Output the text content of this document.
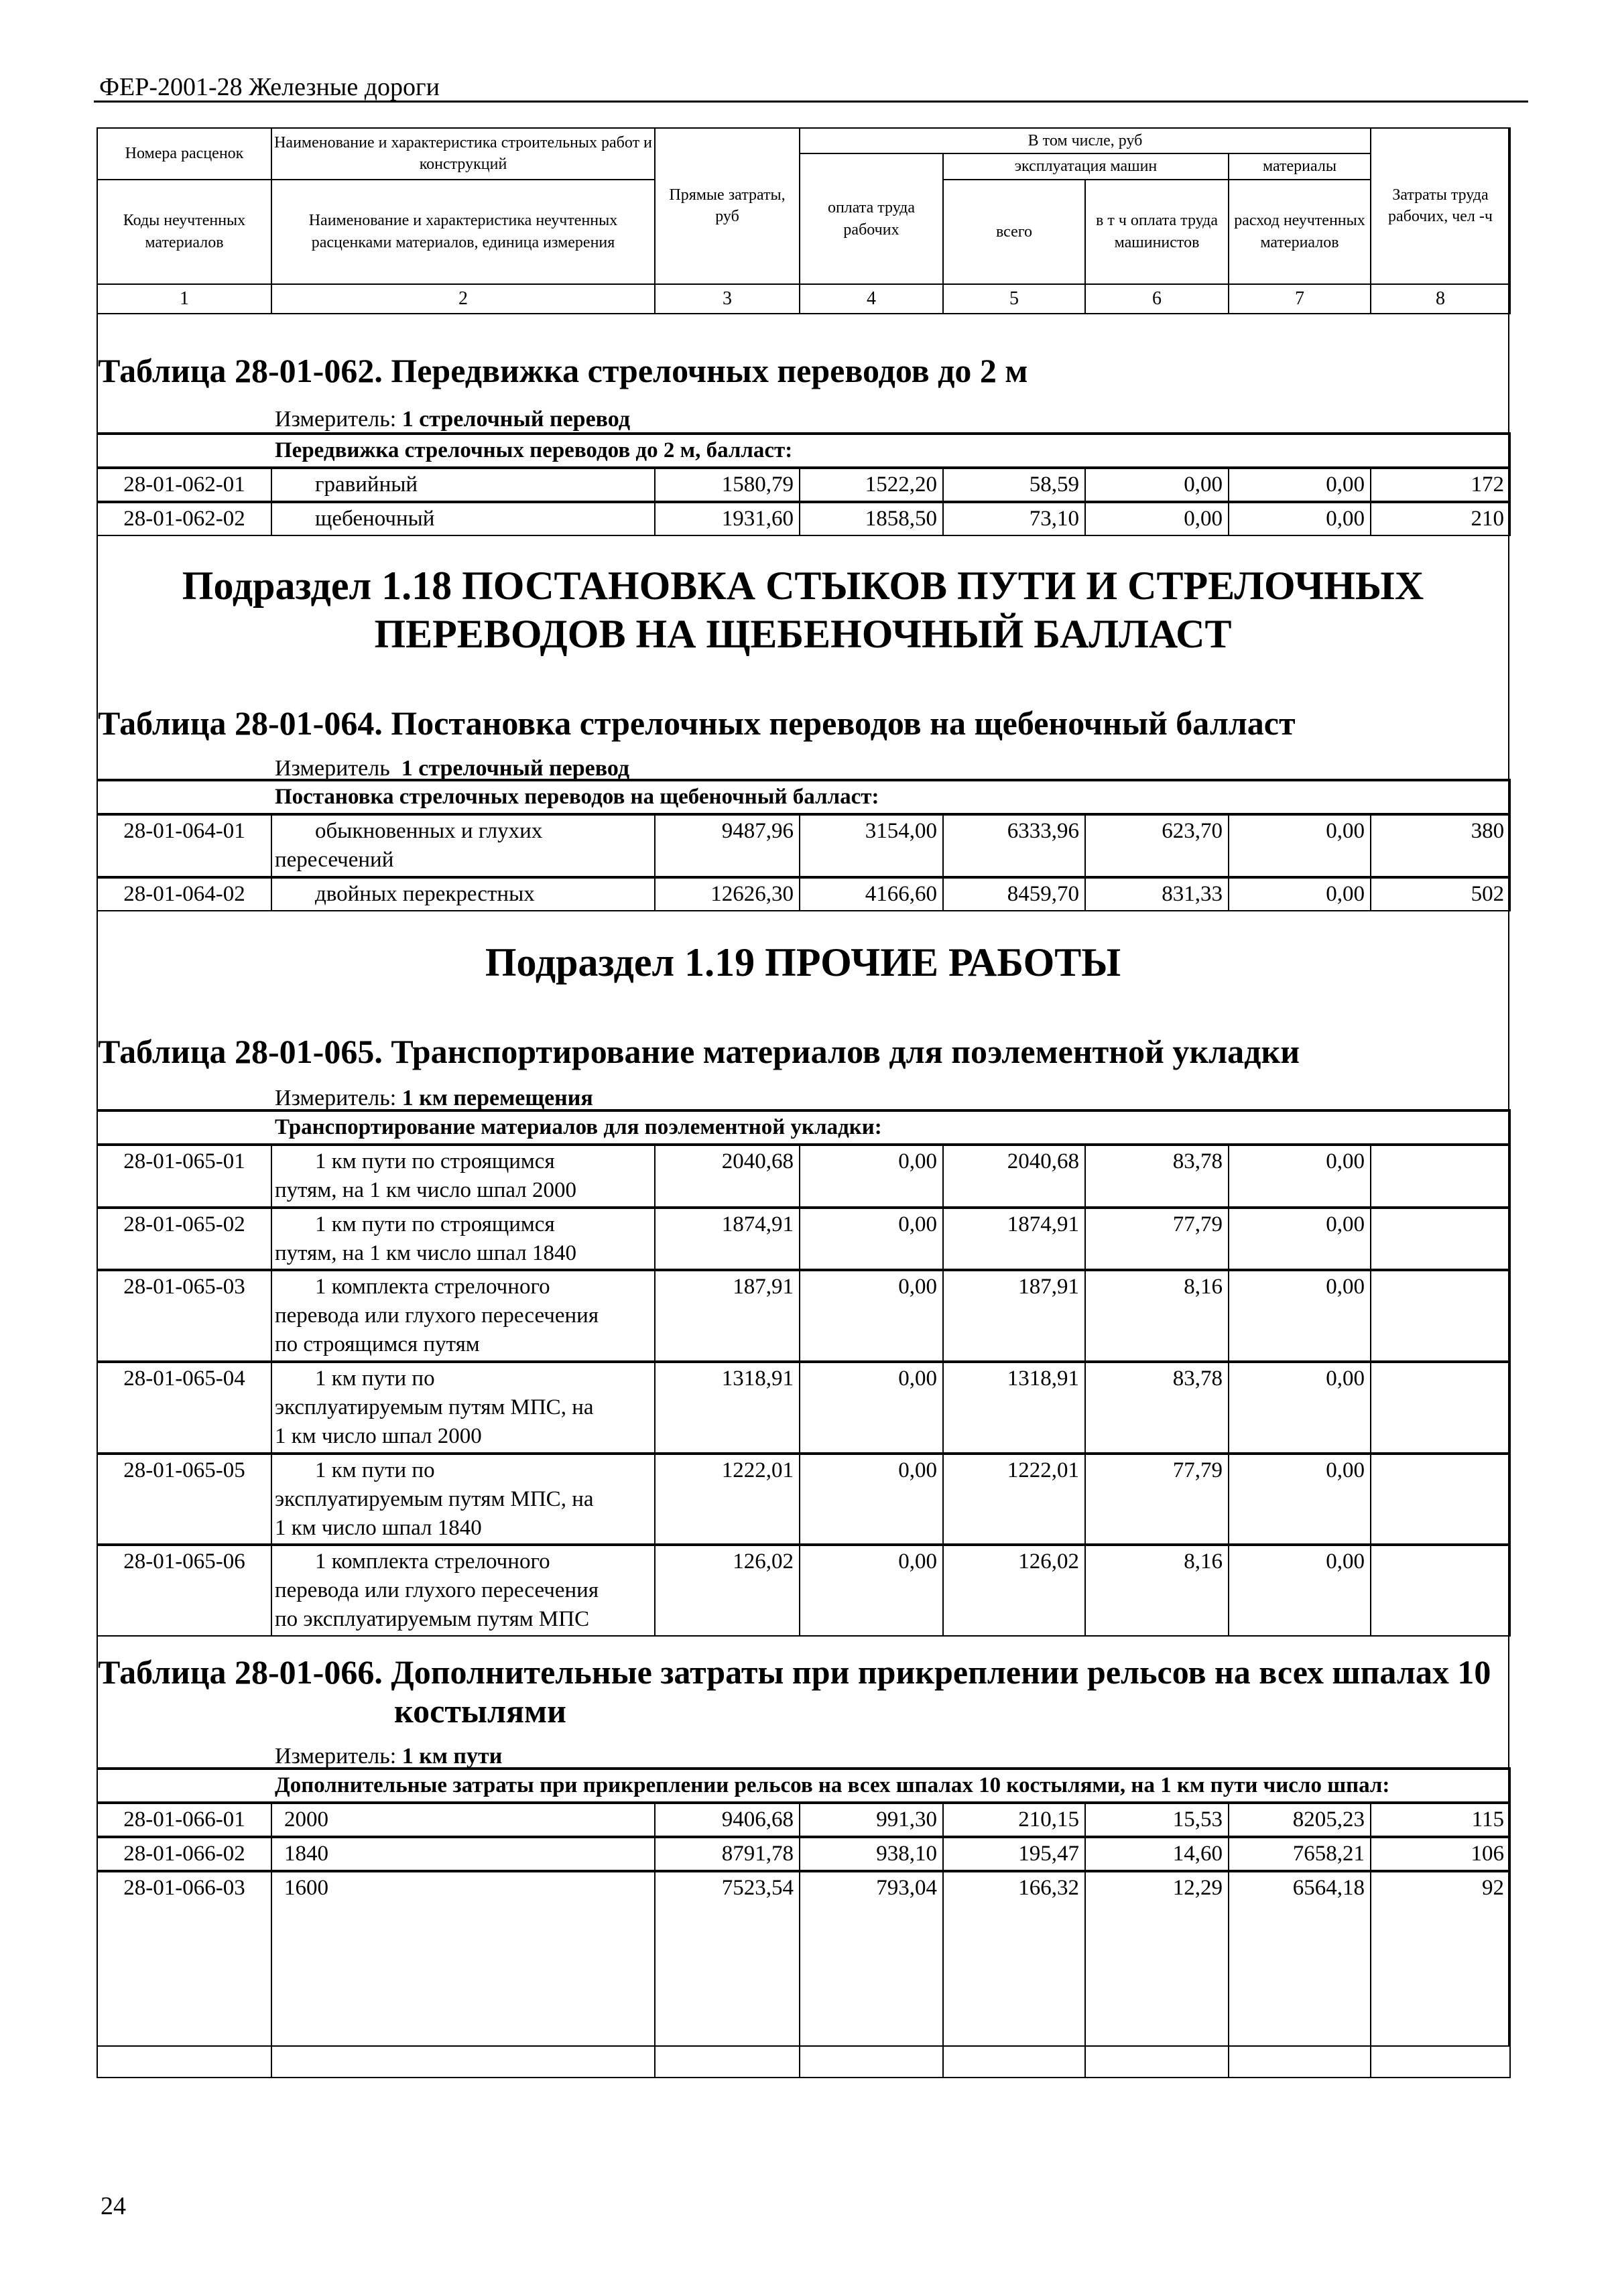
ФЕР-2001-28 Железные дороги
Номера расценок	Наименование и характеристика строительных работ и конструкций	Прямые затраты, руб	В том числе, руб				Затраты труда рабочих, чел -ч
			оплата труда рабочих	эксплуатация машин		материалы	
Коды неучтенных материалов	Наименование и характеристика неучтенных расценками материалов, единица измерения			всего	в т ч оплата труда машинистов	расход неучтенных материалов	

1	2	3	4	5	6	7	8
Таблица 28-01-062. Передвижка стрелочных переводов до 2 м
Измеритель: 1 стрелочный перевод
Передвижка стрелочных переводов до 2 м, балласт:							
28-01-062-01	гравийный	1580,79	1522,20	58,59	0,00	0,00	172
28-01-062-02	щебеночный	1931,60	1858,50	73,10	0,00	0,00	210
Подраздел 1.18 ПОСТАНОВКА СТЫКОВ ПУТИ И СТРЕЛОЧНЫХ
ПЕРЕВОДОВ НА ЩЕБЕНОЧНЫЙ БАЛЛАСТ
Таблица 28-01-064. Постановка стрелочных переводов на щебеночный балласт
Измеритель 1 стрелочный перевод
Постановка стрелочных переводов на щебеночный балласт:							
28-01-064-01	обыкновенных и глухих
пересечений	9487,96	3154,00	6333,96	623,70	0,00	380
28-01-064-02	двойных перекрестных	12626,30	4166,60	8459,70	831,33	0,00	502
Подраздел 1.19 ПРОЧИЕ РАБОТЫ
Таблица 28-01-065. Транспортирование материалов для поэлементной укладки
Измеритель: 1 км перемещения
Транспортирование материалов для поэлементной укладки:							
28-01-065-01	1 км пути по строящимся
путям, на 1 км число шпал 2000	2040,68	0,00	2040,68	83,78	0,00	
28-01-065-02	1 км пути по строящимся
путям, на 1 км число шпал 1840	1874,91	0,00	1874,91	77,79	0,00	
28-01-065-03	1 комплекта стрелочного
перевода или глухого пересечения
по строящимся путям	187,91	0,00	187,91	8,16	0,00	
28-01-065-04	1 км пути по
эксплуатируемым путям МПС, на
1 км число шпал 2000	1318,91	0,00	1318,91	83,78	0,00	
28-01-065-05	1 км пути по
эксплуатируемым путям МПС, на
1 км число шпал 1840	1222,01	0,00	1222,01	77,79	0,00	
28-01-065-06	1 комплекта стрелочного
перевода или глухого пересечения
по эксплуатируемым путям МПС	126,02	0,00	126,02	8,16	0,00	
Таблица 28-01-066. Дополнительные затраты при прикреплении рельсов на всех шпалах 10
костылями
Измеритель: 1 км пути
Дополнительные затраты при прикреплении рельсов на всех шпалах 10 костылями, на 1 км пути число шпал:							
28-01-066-01	2000	9406,68	991,30	210,15	15,53	8205,23	115
28-01-066-02	1840	8791,78	938,10	195,47	14,60	7658,21	106
28-01-066-03	1600	7523,54	793,04	166,32	12,29	6564,18	92
24
